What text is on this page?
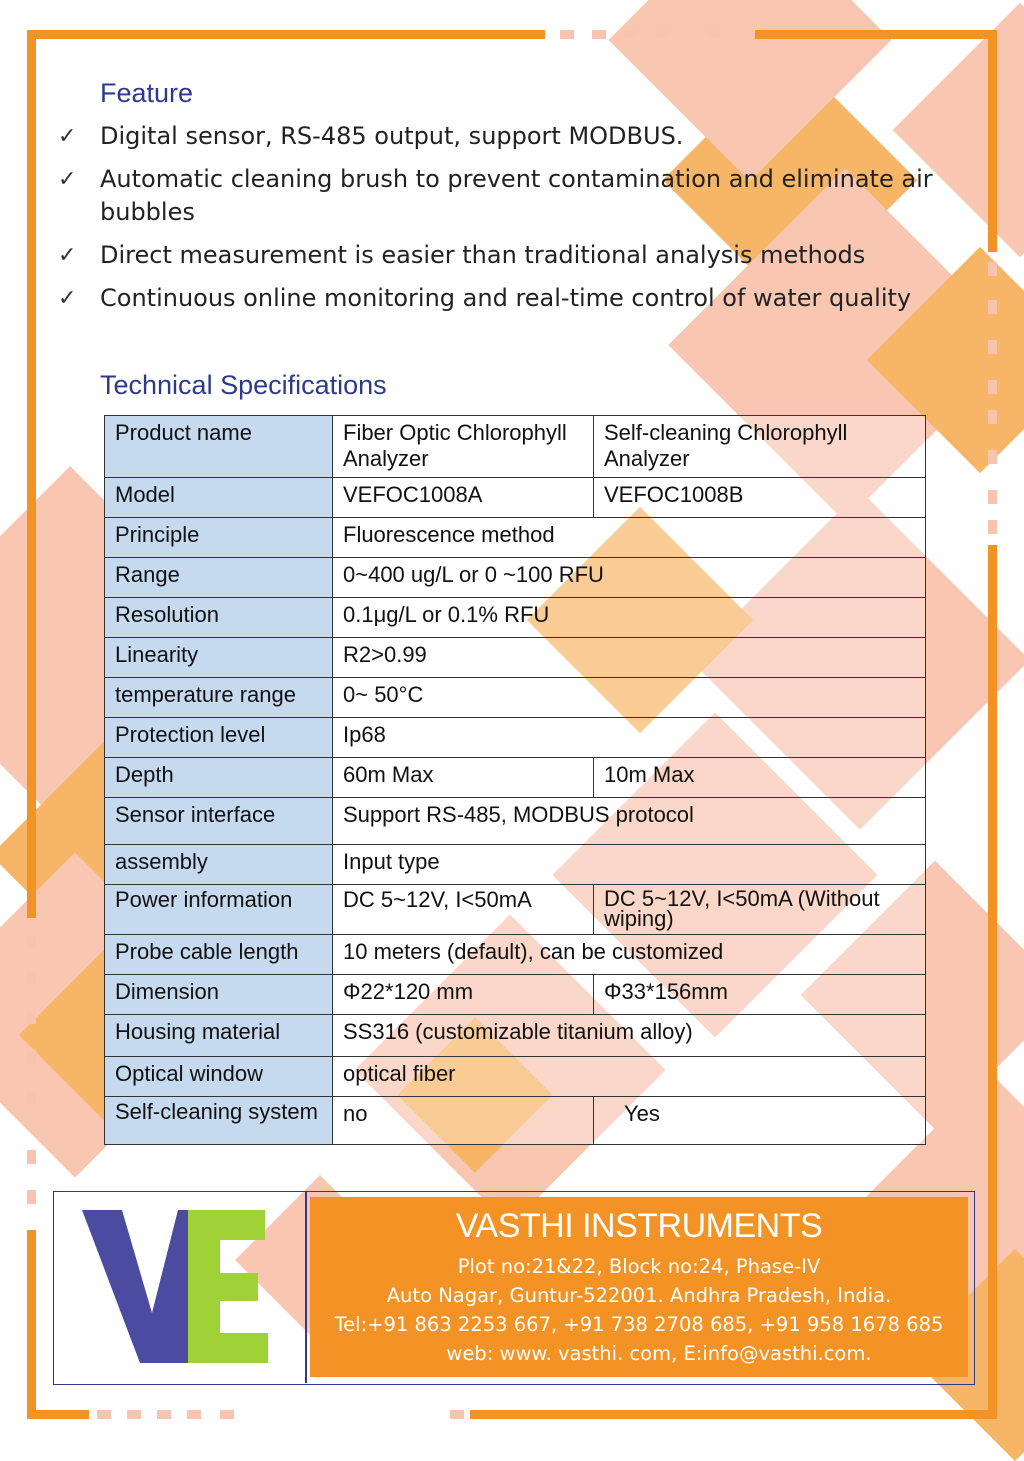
Feature
✓ Digital sensor, RS-485 output, support MODBUS.
✓ Automatic cleaning brush to prevent contamination and eliminate air bubbles
✓ Direct measurement is easier than traditional analysis methods
✓ Continuous online monitoring and real-time control of water quality
Technical Specifications
Product name	Fiber Optic Chlorophyll Analyzer	Self-cleaning Chlorophyll Analyzer
Model	VEFOC1008A	VEFOC1008B
Principle	Fluorescence method	
Range	0~400 ug/L or 0 ~100 RFU	
Resolution	0.1μg/L or 0.1% RFU	
Linearity	R2>0.99	
temperature range	0~ 50°C	
Protection level	Ip68	
Depth	60m Max	10m Max
Sensor interface	Support RS-485, MODBUS protocol	
assembly	Input type	
Power information	DC 5~12V, I<50mA	DC 5~12V, I<50mA (Without wiping)
Probe cable length	10 meters (default), can be customized	
Dimension	Φ22*120 mm	Φ33*156mm
Housing material	SS316 (customizable titanium alloy)	
Optical window	optical fiber	
Self-cleaning system	no	Yes
VASTHI INSTRUMENTS
Plot no:21&22, Block no:24, Phase-IV
Auto Nagar, Guntur-522001. Andhra Pradesh, India.
Tel:+91 863 2253 667, +91 738 2708 685, +91 958 1678 685
web: www. vasthi. com, E:info@vasthi.com.
